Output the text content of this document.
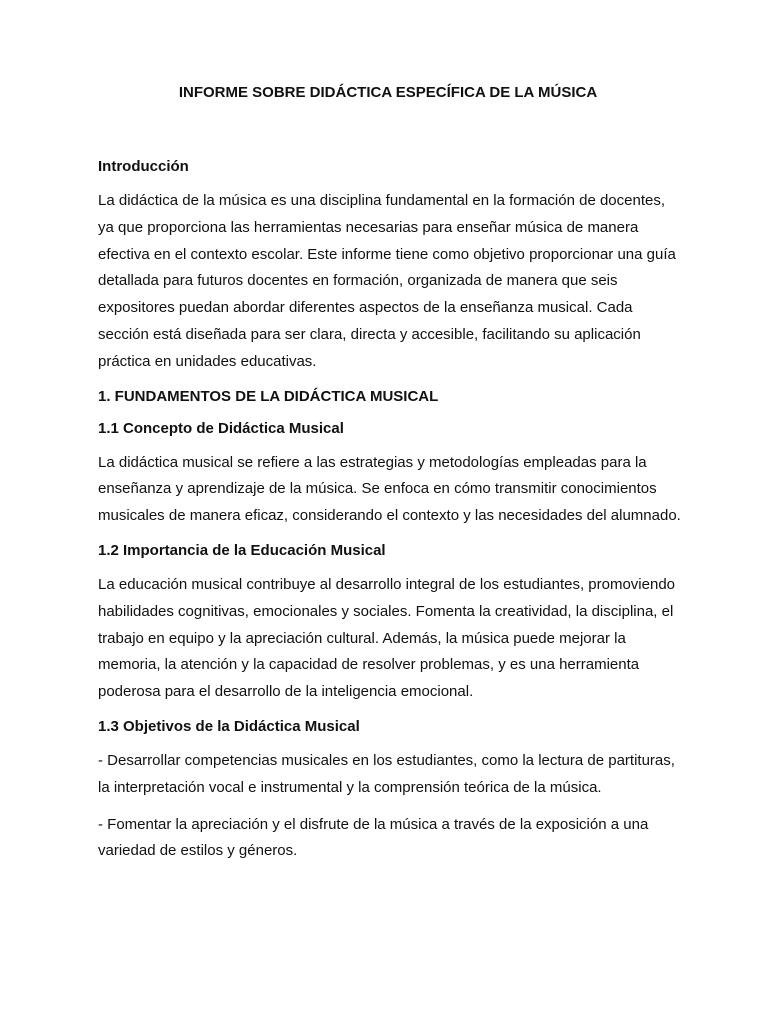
INFORME SOBRE DIDÁCTICA ESPECÍFICA DE LA MÚSICA
Introducción

La didáctica de la música es una disciplina fundamental en la formación de docentes, ya que proporciona las herramientas necesarias para enseñar música de manera efectiva en el contexto escolar. Este informe tiene como objetivo proporcionar una guía detallada para futuros docentes en formación, organizada de manera que seis expositores puedan abordar diferentes aspectos de la enseñanza musical. Cada sección está diseñada para ser clara, directa y accesible, facilitando su aplicación práctica en unidades educativas.

1. FUNDAMENTOS DE LA DIDÁCTICA MUSICAL
1.1 Concepto de Didáctica Musical

La didáctica musical se refiere a las estrategias y metodologías empleadas para la enseñanza y aprendizaje de la música. Se enfoca en cómo transmitir conocimientos musicales de manera eficaz, considerando el contexto y las necesidades del alumnado.

1.2 Importancia de la Educación Musical

La educación musical contribuye al desarrollo integral de los estudiantes, promoviendo habilidades cognitivas, emocionales y sociales. Fomenta la creatividad, la disciplina, el trabajo en equipo y la apreciación cultural. Además, la música puede mejorar la memoria, la atención y la capacidad de resolver problemas, y es una herramienta poderosa para el desarrollo de la inteligencia emocional.

1.3 Objetivos de la Didáctica Musical

- Desarrollar competencias musicales en los estudiantes, como la lectura de partituras, la interpretación vocal e instrumental y la comprensión teórica de la música.

- Fomentar la apreciación y el disfrute de la música a través de la exposición a una variedad de estilos y géneros.
